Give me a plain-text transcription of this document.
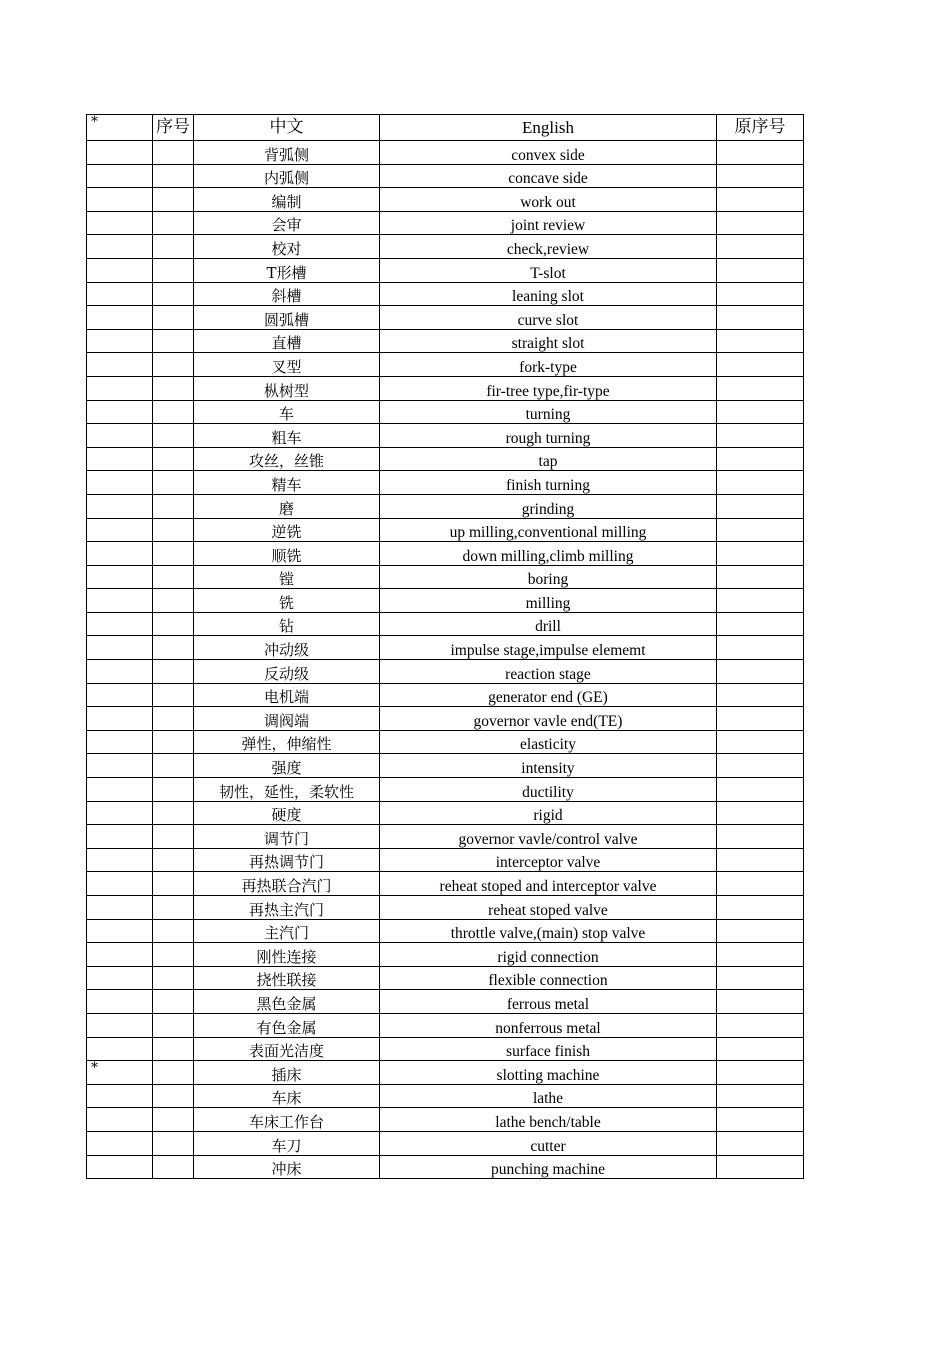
*	序号	中文	English	原序号
		背弧侧	convex side	
		内弧侧	concave side	
		编制	work out	
		会审	joint review	
		校对	check,review	
		T形槽	T-slot	
		斜槽	leaning slot	
		圆弧槽	curve slot	
		直槽	straight slot	
		叉型	fork-type	
		枞树型	fir-tree type,fir-type	
		车	turning	
		粗车	rough turning	
		攻丝，丝锥	tap	
		精车	finish turning	
		磨	grinding	
		逆铣	up milling,conventional milling	
		顺铣	down milling,climb milling	
		镗	boring	
		铣	milling	
		钻	drill	
		冲动级	impulse stage,impulse elememt	
		反动级	reaction stage	
		电机端	generator end (GE)	
		调阀端	governor vavle end(TE)	
		弹性，伸缩性	elasticity	
		强度	intensity	
		韧性，延性，柔软性	ductility	
		硬度	rigid	
		调节门	governor vavle/control valve	
		再热调节门	interceptor valve	
		再热联合汽门	reheat stoped and interceptor valve	
		再热主汽门	reheat stoped valve	
		主汽门	throttle valve,(main) stop valve	
		刚性连接	rigid connection	
		挠性联接	flexible connection	
		黑色金属	ferrous metal	
		有色金属	nonferrous metal	
		表面光洁度	surface finish	
*		插床	slotting machine	
		车床	lathe	
		车床工作台	lathe bench/table	
		车刀	cutter	
		冲床	punching machine	
